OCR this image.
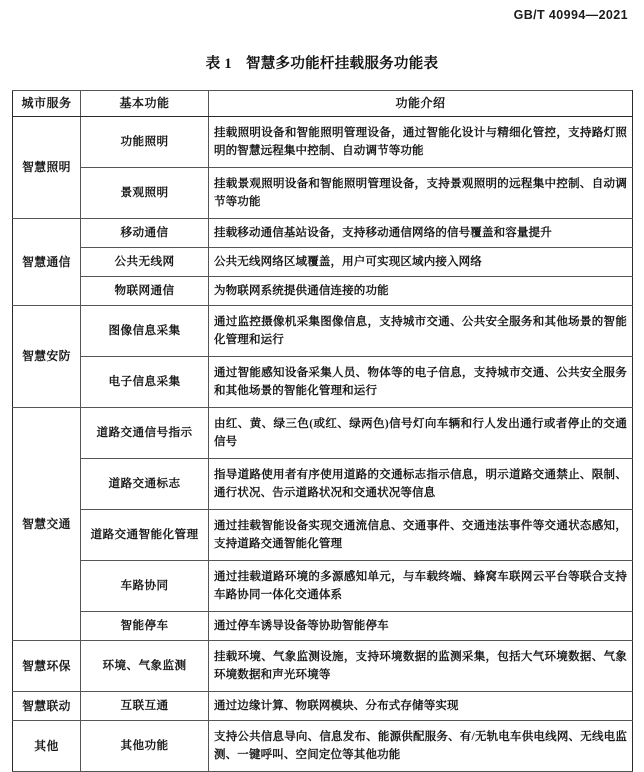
GB/T 40994—2021
表 1 智慧多功能杆挂载服务功能表
城市服务	基本功能	功能介绍
智慧照明	功能照明	挂载照明设备和智能照明管理设备，通过智能化设计与精细化管控，支持路灯照明的智慧远程集中控制、自动调节等功能
	景观照明	挂载景观照明设备和智能照明管理设备，支持景观照明的远程集中控制、自动调节等功能
智慧通信	移动通信	挂载移动通信基站设备，支持移动通信网络的信号覆盖和容量提升
	公共无线网	公共无线网络区域覆盖，用户可实现区域内接入网络
	物联网通信	为物联网系统提供通信连接的功能
智慧安防	图像信息采集	通过监控摄像机采集图像信息，支持城市交通、公共安全服务和其他场景的智能化管理和运行
	电子信息采集	通过智能感知设备采集人员、物体等的电子信息，支持城市交通、公共安全服务和其他场景的智能化管理和运行
智慧交通	道路交通信号指示	由红、黄、绿三色(或红、绿两色)信号灯向车辆和行人发出通行或者停止的交通信号
	道路交通标志	指导道路使用者有序使用道路的交通标志指示信息，明示道路交通禁止、限制、通行状况、告示道路状况和交通状况等信息
	道路交通智能化管理	通过挂载智能设备实现交通流信息、交通事件、交通违法事件等交通状态感知，支持道路交通智能化管理
	车路协同	通过挂载道路环境的多源感知单元，与车载终端、蜂窝车联网云平台等联合支持车路协同一体化交通体系
	智能停车	通过停车诱导设备等协助智能停车
智慧环保	环境、气象监测	挂载环境、气象监测设施，支持环境数据的监测采集，包括大气环境数据、气象环境数据和声光环境等
智慧联动	互联互通	通过边缘计算、物联网模块、分布式存储等实现
其他	其他功能	支持公共信息导向、信息发布、能源供配服务、有/无轨电车供电线网、无线电监测、一键呼叫、空间定位等其他功能
